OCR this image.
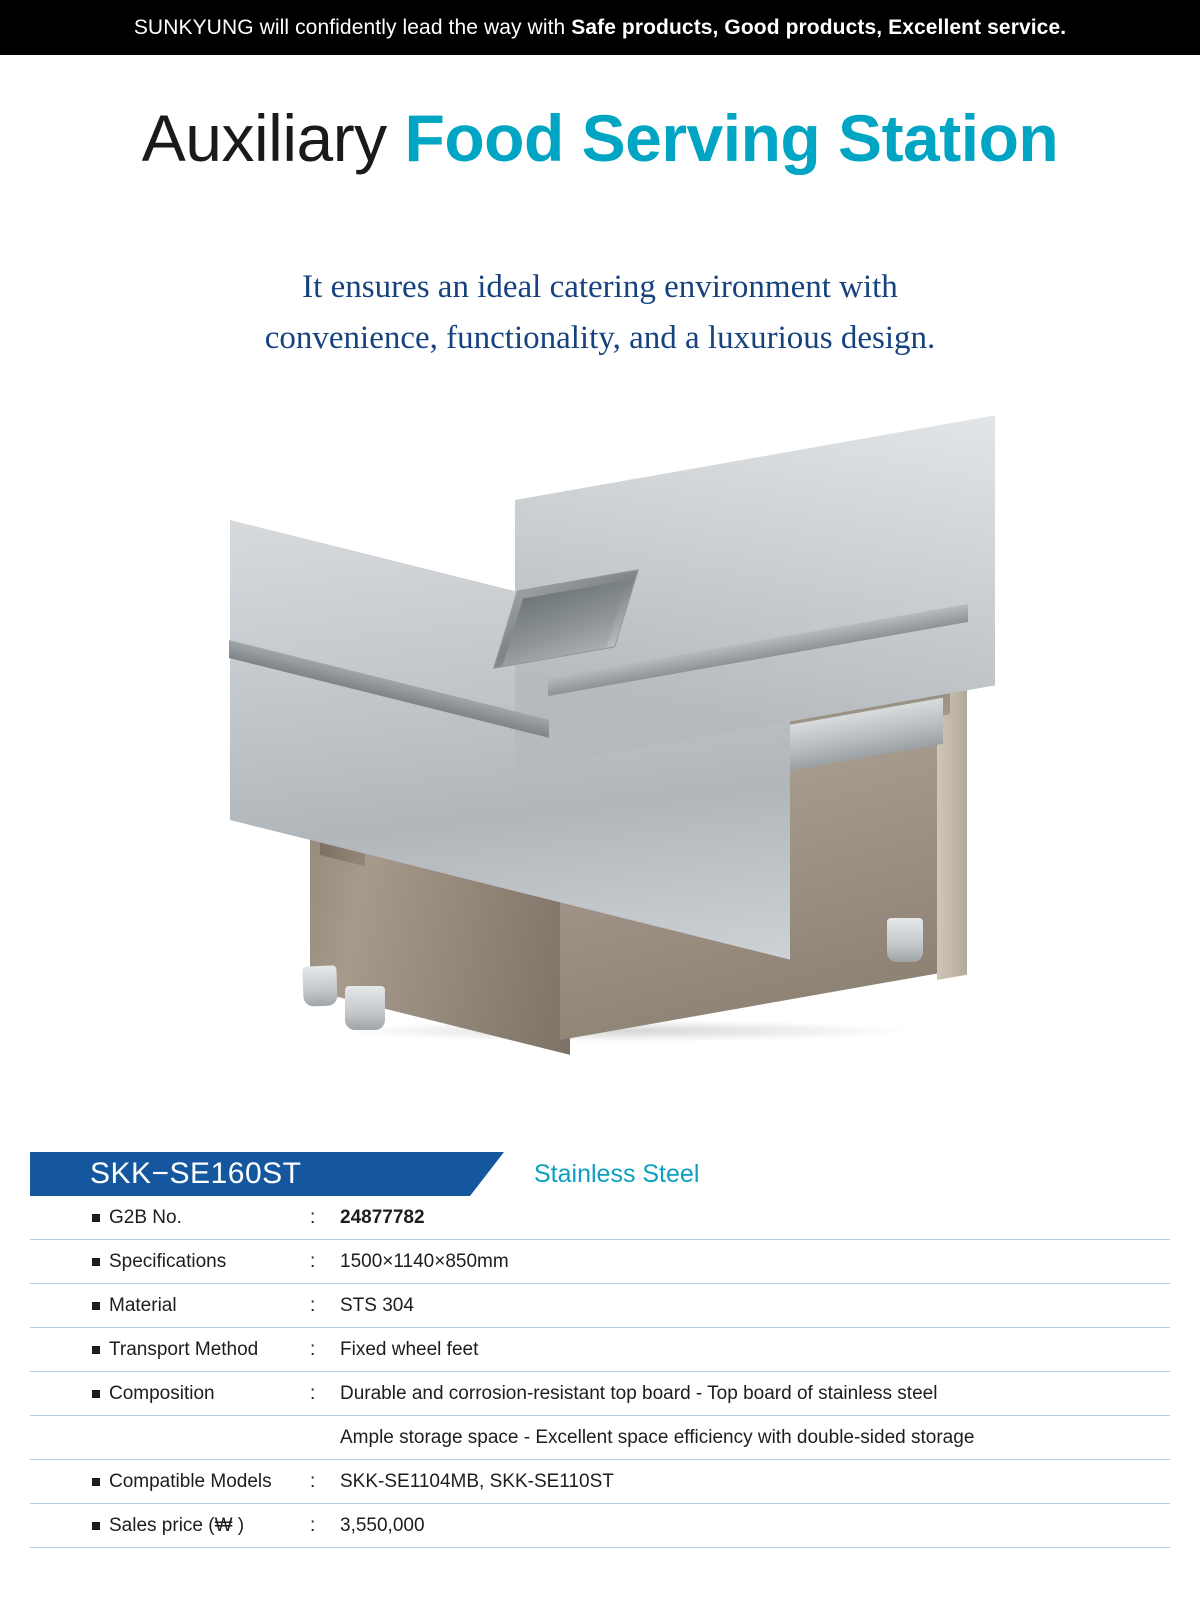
SUNKYUNG will confidently lead the way with Safe products, Good products, Excellent service.
Auxiliary Food Serving Station
It ensures an ideal catering environment with
convenience, functionality, and a luxurious design.
SKK−SE160ST	Stainless Steel
G2B No.	:	24877782
Specifications	:	1500×1140×850mm
Material	:	STS 304
Transport Method	:	Fixed wheel feet
Composition	:	Durable and corrosion-resistant top board - Top board of stainless steel
Ample storage space - Excellent space efficiency with double-sided storage
Compatible Models :	SKK-SE1104MB, SKK-SE110ST
Sales price (₩ )	:	3,550,000
